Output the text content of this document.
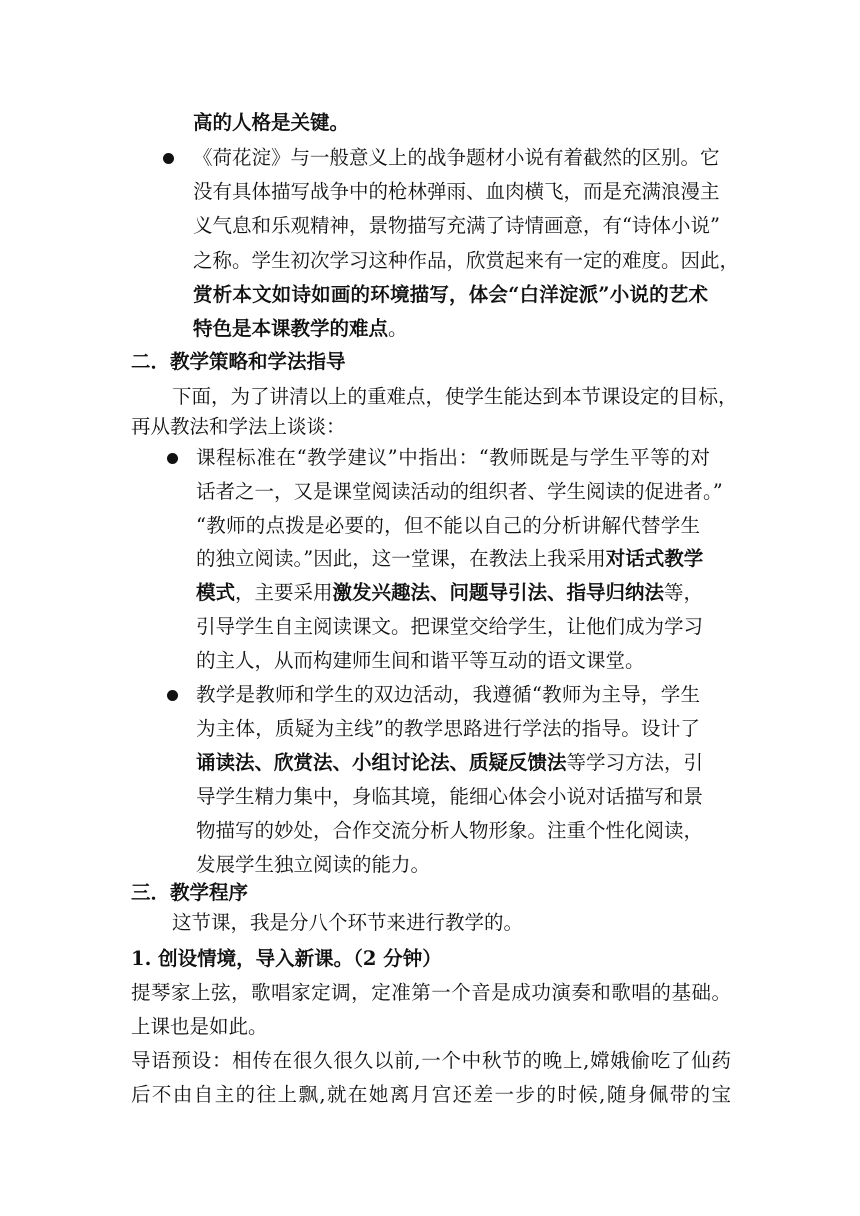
高的人格是关键。
《荷花淀》与一般意义上的战争题材小说有着截然的区别。它
没有具体描写战争中的枪林弹雨、血肉横飞，而是充满浪漫主
义气息和乐观精神，景物描写充满了诗情画意，有“诗体小说”
之称。学生初次学习这种作品，欣赏起来有一定的难度。因此，
赏析本文如诗如画的环境描写，体会“白洋淀派”小说的艺术
特色是本课教学的难点。
二．教学策略和学法指导
下面，为了讲清以上的重难点，使学生能达到本节课设定的目标，
再从教法和学法上谈谈：
课程标准在“教学建议”中指出：“教师既是与学生平等的对
话者之一，又是课堂阅读活动的组织者、学生阅读的促进者。”
“教师的点拨是必要的，但不能以自己的分析讲解代替学生
的独立阅读。”因此，这一堂课，在教法上我采用对话式教学
模式，主要采用激发兴趣法、问题导引法、指导归纳法等，
引导学生自主阅读课文。把课堂交给学生，让他们成为学习
的主人，从而构建师生间和谐平等互动的语文课堂。
教学是教师和学生的双边活动，我遵循“教师为主导，学生
为主体，质疑为主线”的教学思路进行学法的指导。设计了
诵读法、欣赏法、小组讨论法、质疑反馈法等学习方法，引
导学生精力集中，身临其境，能细心体会小说对话描写和景
物描写的妙处，合作交流分析人物形象。注重个性化阅读，
发展学生独立阅读的能力。
三．教学程序
这节课，我是分八个环节来进行教学的。
1. 创设情境，导入新课。（2 分钟）
提琴家上弦，歌唱家定调，定准第一个音是成功演奏和歌唱的基础。
上课也是如此。
导语预设：相传在很久很久以前,一个中秋节的晚上,嫦娥偷吃了仙药
后不由自主的往上飘,就在她离月宫还差一步的时候,随身佩带的宝
